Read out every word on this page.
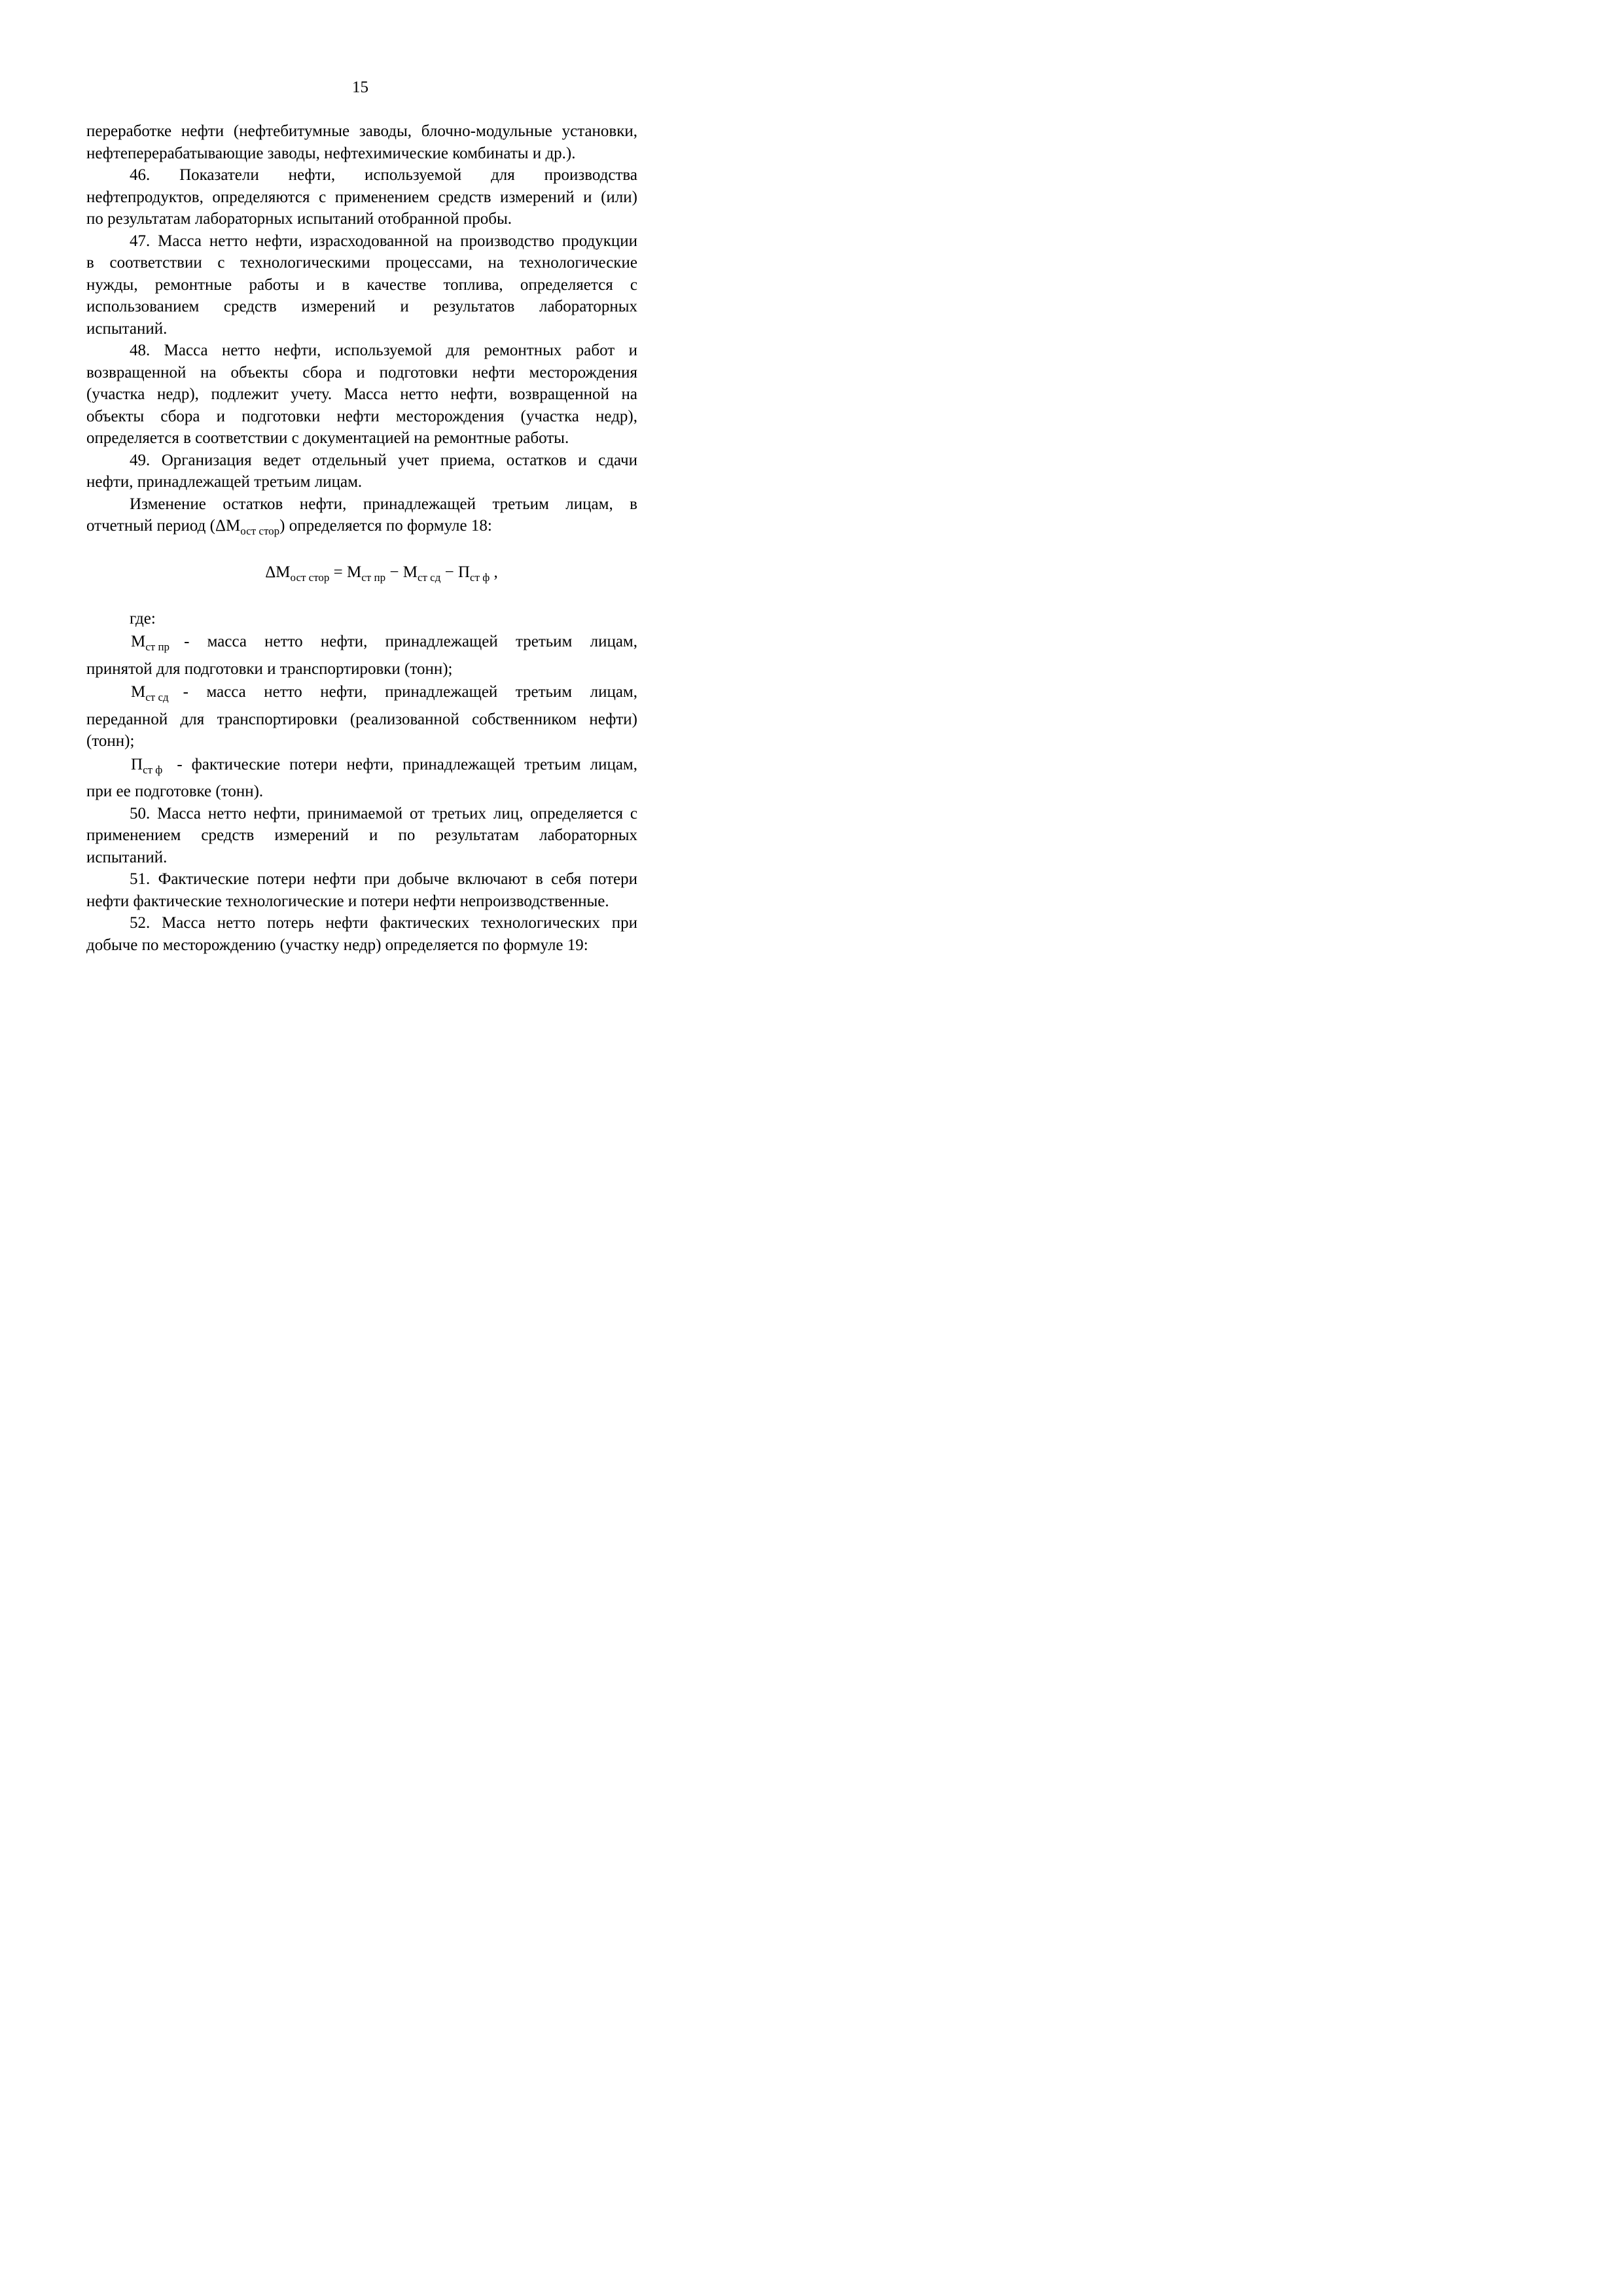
15
переработке нефти (нефтебитумные заводы, блочно-модульные установки,
нефтеперерабатывающие заводы, нефтехимические комбинаты и др.).
46. Показатели нефти, используемой для производства
нефтепродуктов, определяются с применением средств измерений и (или)
по результатам лабораторных испытаний отобранной пробы.
47. Масса нетто нефти, израсходованной на производство продукции
в соответствии с технологическими процессами, на технологические
нужды, ремонтные работы и в качестве топлива, определяется с
использованием средств измерений и результатов лабораторных
испытаний.
48. Масса нетто нефти, используемой для ремонтных работ и
возвращенной на объекты сбора и подготовки нефти месторождения
(участка недр), подлежит учету. Масса нетто нефти, возвращенной на
объекты сбора и подготовки нефти месторождения (участка недр),
определяется в соответствии с документацией на ремонтные работы.
49. Организация ведет отдельный учет приема, остатков и сдачи
нефти, принадлежащей третьим лицам.
Изменение остатков нефти, принадлежащей третьим лицам, в
отчетный период $(\Delta M_{ост стор})$ определяется по формуле 18:
$\Delta M_{ост стор} = M_{ст пр} - M_{ст сд} - П_{ст ф}$ ,
где:
$M_{ст пр}$ - масса нетто нефти, принадлежащей третьим лицам,
принятой для подготовки и транспортировки (тонн);
$M_{ст сд}$ - масса нетто нефти, принадлежащей третьим лицам,
переданной для транспортировки (реализованной собственником нефти)
(тонн);
$П_{ст ф}$ - фактические потери нефти, принадлежащей третьим лицам,
при ее подготовке (тонн).
50. Масса нетто нефти, принимаемой от третьих лиц, определяется с
применением средств измерений и по результатам лабораторных
испытаний.
51. Фактические потери нефти при добыче включают в себя потери
нефти фактические технологические и потери нефти непроизводственные.
52. Масса нетто потерь нефти фактических технологических при
добыче по месторождению (участку недр) определяется по формуле 19:
